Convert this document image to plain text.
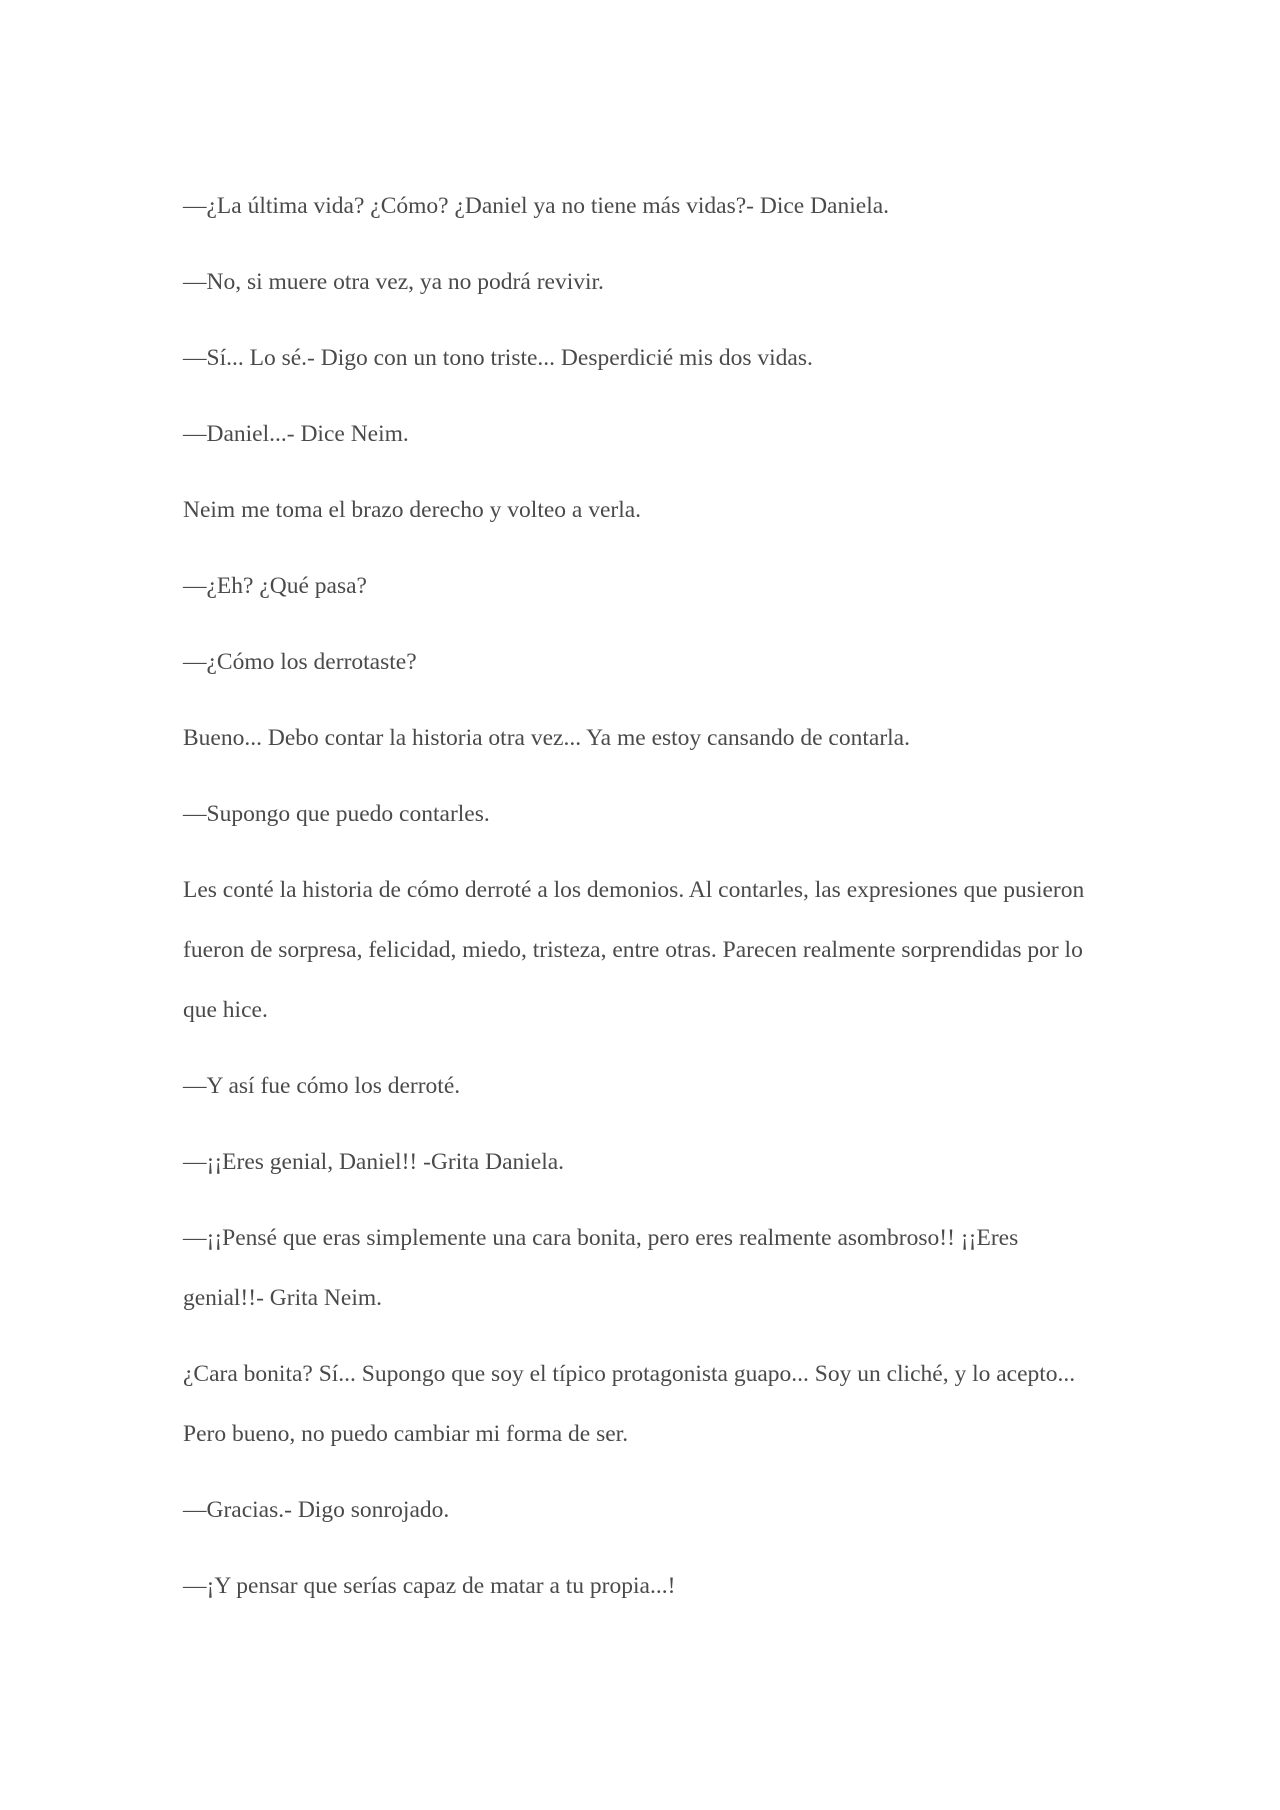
—¿La última vida? ¿Cómo? ¿Daniel ya no tiene más vidas?- Dice Daniela.

—No, si muere otra vez, ya no podrá revivir.

—Sí... Lo sé.- Digo con un tono triste... Desperdicié mis dos vidas.

—Daniel...- Dice Neim.

Neim me toma el brazo derecho y volteo a verla.

—¿Eh? ¿Qué pasa?

—¿Cómo los derrotaste?

Bueno... Debo contar la historia otra vez... Ya me estoy cansando de contarla.

—Supongo que puedo contarles.

Les conté la historia de cómo derroté a los demonios. Al contarles, las expresiones que pusieron fueron de sorpresa, felicidad, miedo, tristeza, entre otras. Parecen realmente sorprendidas por lo que hice.

—Y así fue cómo los derroté.

—¡¡Eres genial, Daniel!! -Grita Daniela.

—¡¡Pensé que eras simplemente una cara bonita, pero eres realmente asombroso!! ¡¡Eres genial!!- Grita Neim.

¿Cara bonita? Sí... Supongo que soy el típico protagonista guapo... Soy un cliché, y lo acepto... Pero bueno, no puedo cambiar mi forma de ser.

—Gracias.- Digo sonrojado.

—¡Y pensar que serías capaz de matar a tu propia...!
